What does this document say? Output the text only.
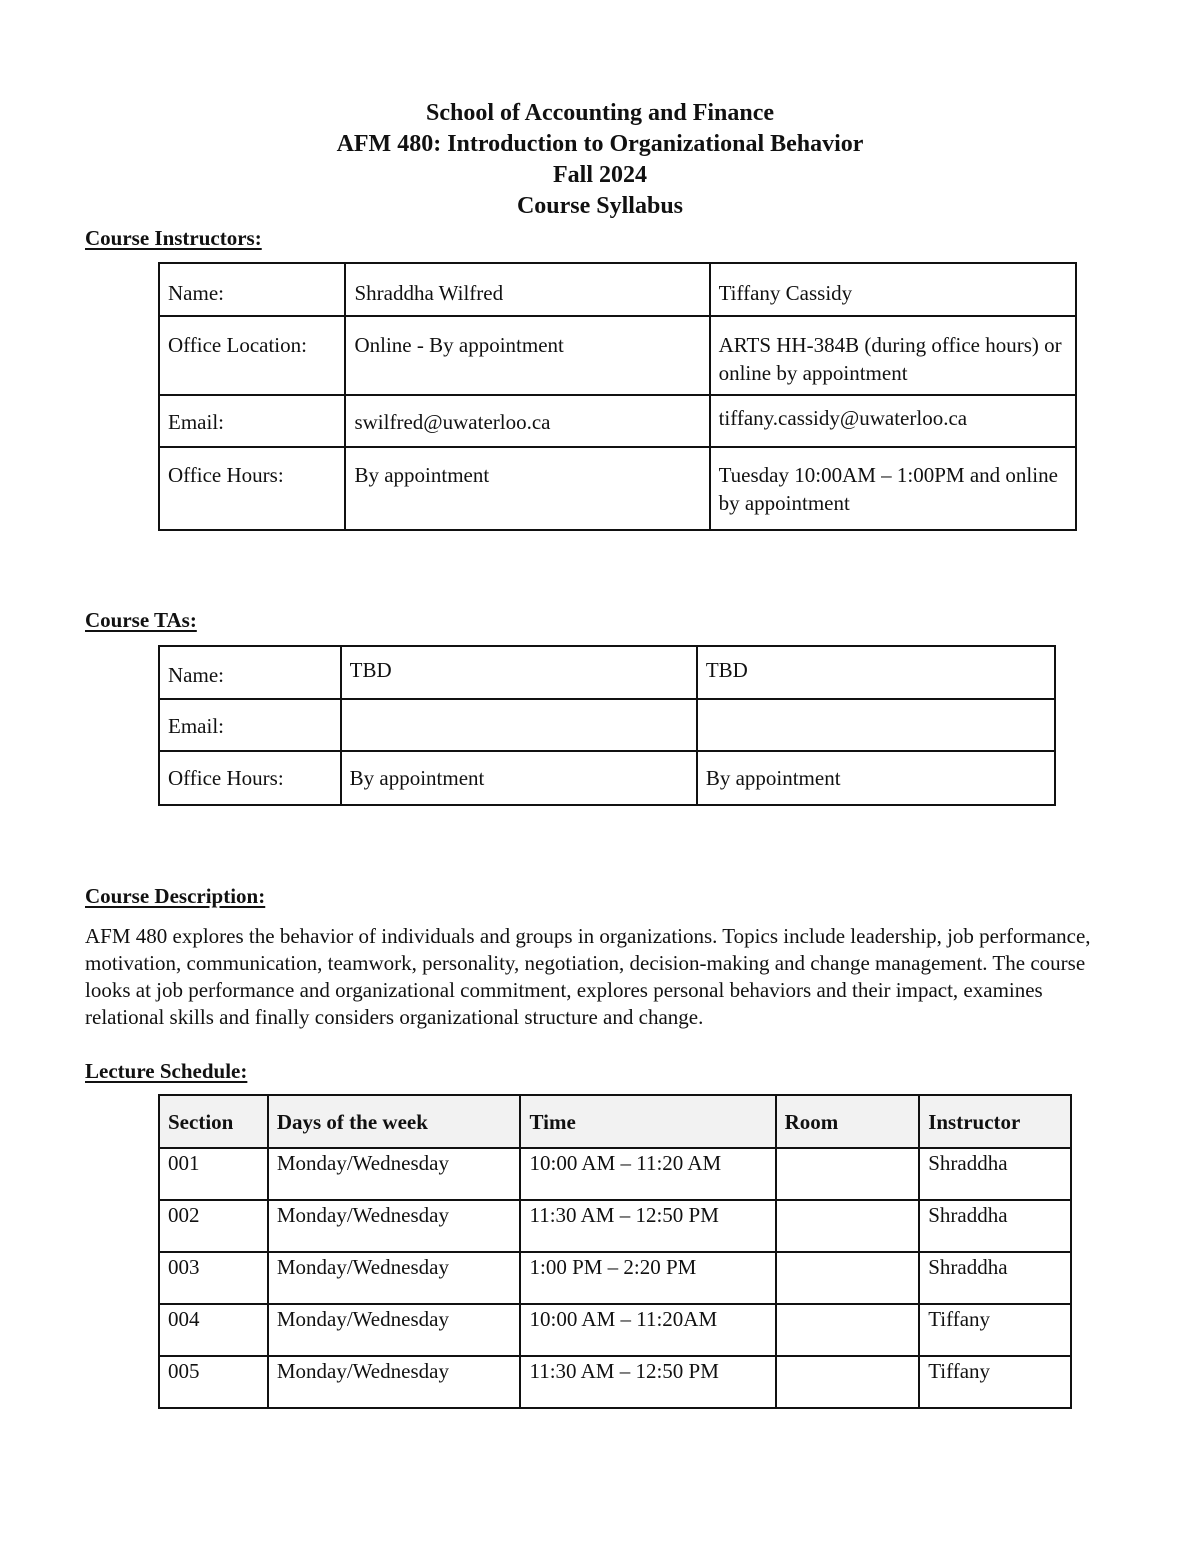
School of Accounting and Finance
AFM 480: Introduction to Organizational Behavior
Fall 2024
Course Syllabus
Course Instructors:
Name:	Shraddha Wilfred	Tiffany Cassidy
Office Location:	Online - By appointment	ARTS HH-384B (during office hours) or online by appointment
Email:	swilfred@uwaterloo.ca	tiffany.cassidy@uwaterloo.ca
Office Hours:	By appointment	Tuesday 10:00AM – 1:00PM and online by appointment
Course TAs:
Name:	TBD	TBD
Email:		
Office Hours:	By appointment	By appointment
Course Description:
AFM 480 explores the behavior of individuals and groups in organizations. Topics include leadership, job performance, motivation, communication, teamwork, personality, negotiation, decision-making and change management. The course looks at job performance and organizational commitment, explores personal behaviors and their impact, examines relational skills and finally considers organizational structure and change.
Lecture Schedule:
Section	Days of the week	Time	Room	Instructor
001	Monday/Wednesday	10:00 AM – 11:20 AM		Shraddha
002	Monday/Wednesday	11:30 AM – 12:50 PM		Shraddha
003	Monday/Wednesday	1:00 PM – 2:20 PM		Shraddha
004	Monday/Wednesday	10:00 AM – 11:20AM		Tiffany
005	Monday/Wednesday	11:30 AM – 12:50 PM		Tiffany
